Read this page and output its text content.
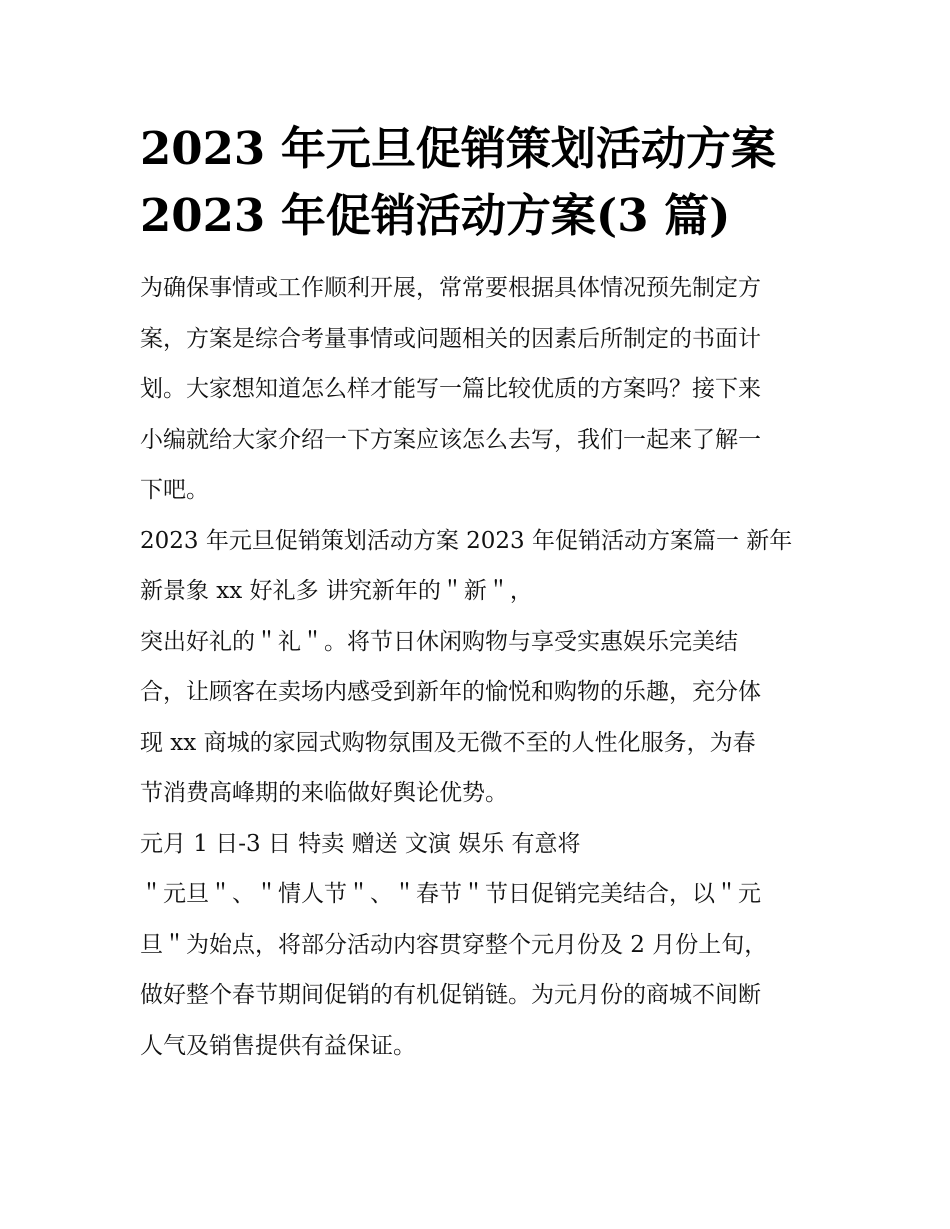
2023 年元旦促销策划活动方案
2023 年促销活动方案(3 篇)
为确保事情或工作顺利开展，常常要根据具体情况预先制定方
案，方案是综合考量事情或问题相关的因素后所制定的书面计
划。大家想知道怎么样才能写一篇比较优质的方案吗？接下来
小编就给大家介绍一下方案应该怎么去写，我们一起来了解一
下吧。
2023 年元旦促销策划活动方案 2023 年促销活动方案篇一 新年
新景象 xx 好礼多 讲究新年的＂新＂，
突出好礼的＂礼＂。将节日休闲购物与享受实惠娱乐完美结
合，让顾客在卖场内感受到新年的愉悦和购物的乐趣，充分体
现 xx 商城的家园式购物氛围及无微不至的人性化服务，为春
节消费高峰期的来临做好舆论优势。
元月 1 日-3 日 特卖 赠送 文演 娱乐 有意将
＂元旦＂、＂情人节＂、＂春节＂节日促销完美结合，以＂元
旦＂为始点，将部分活动内容贯穿整个元月份及 2 月份上旬，
做好整个春节期间促销的有机促销链。为元月份的商城不间断
人气及销售提供有益保证。
